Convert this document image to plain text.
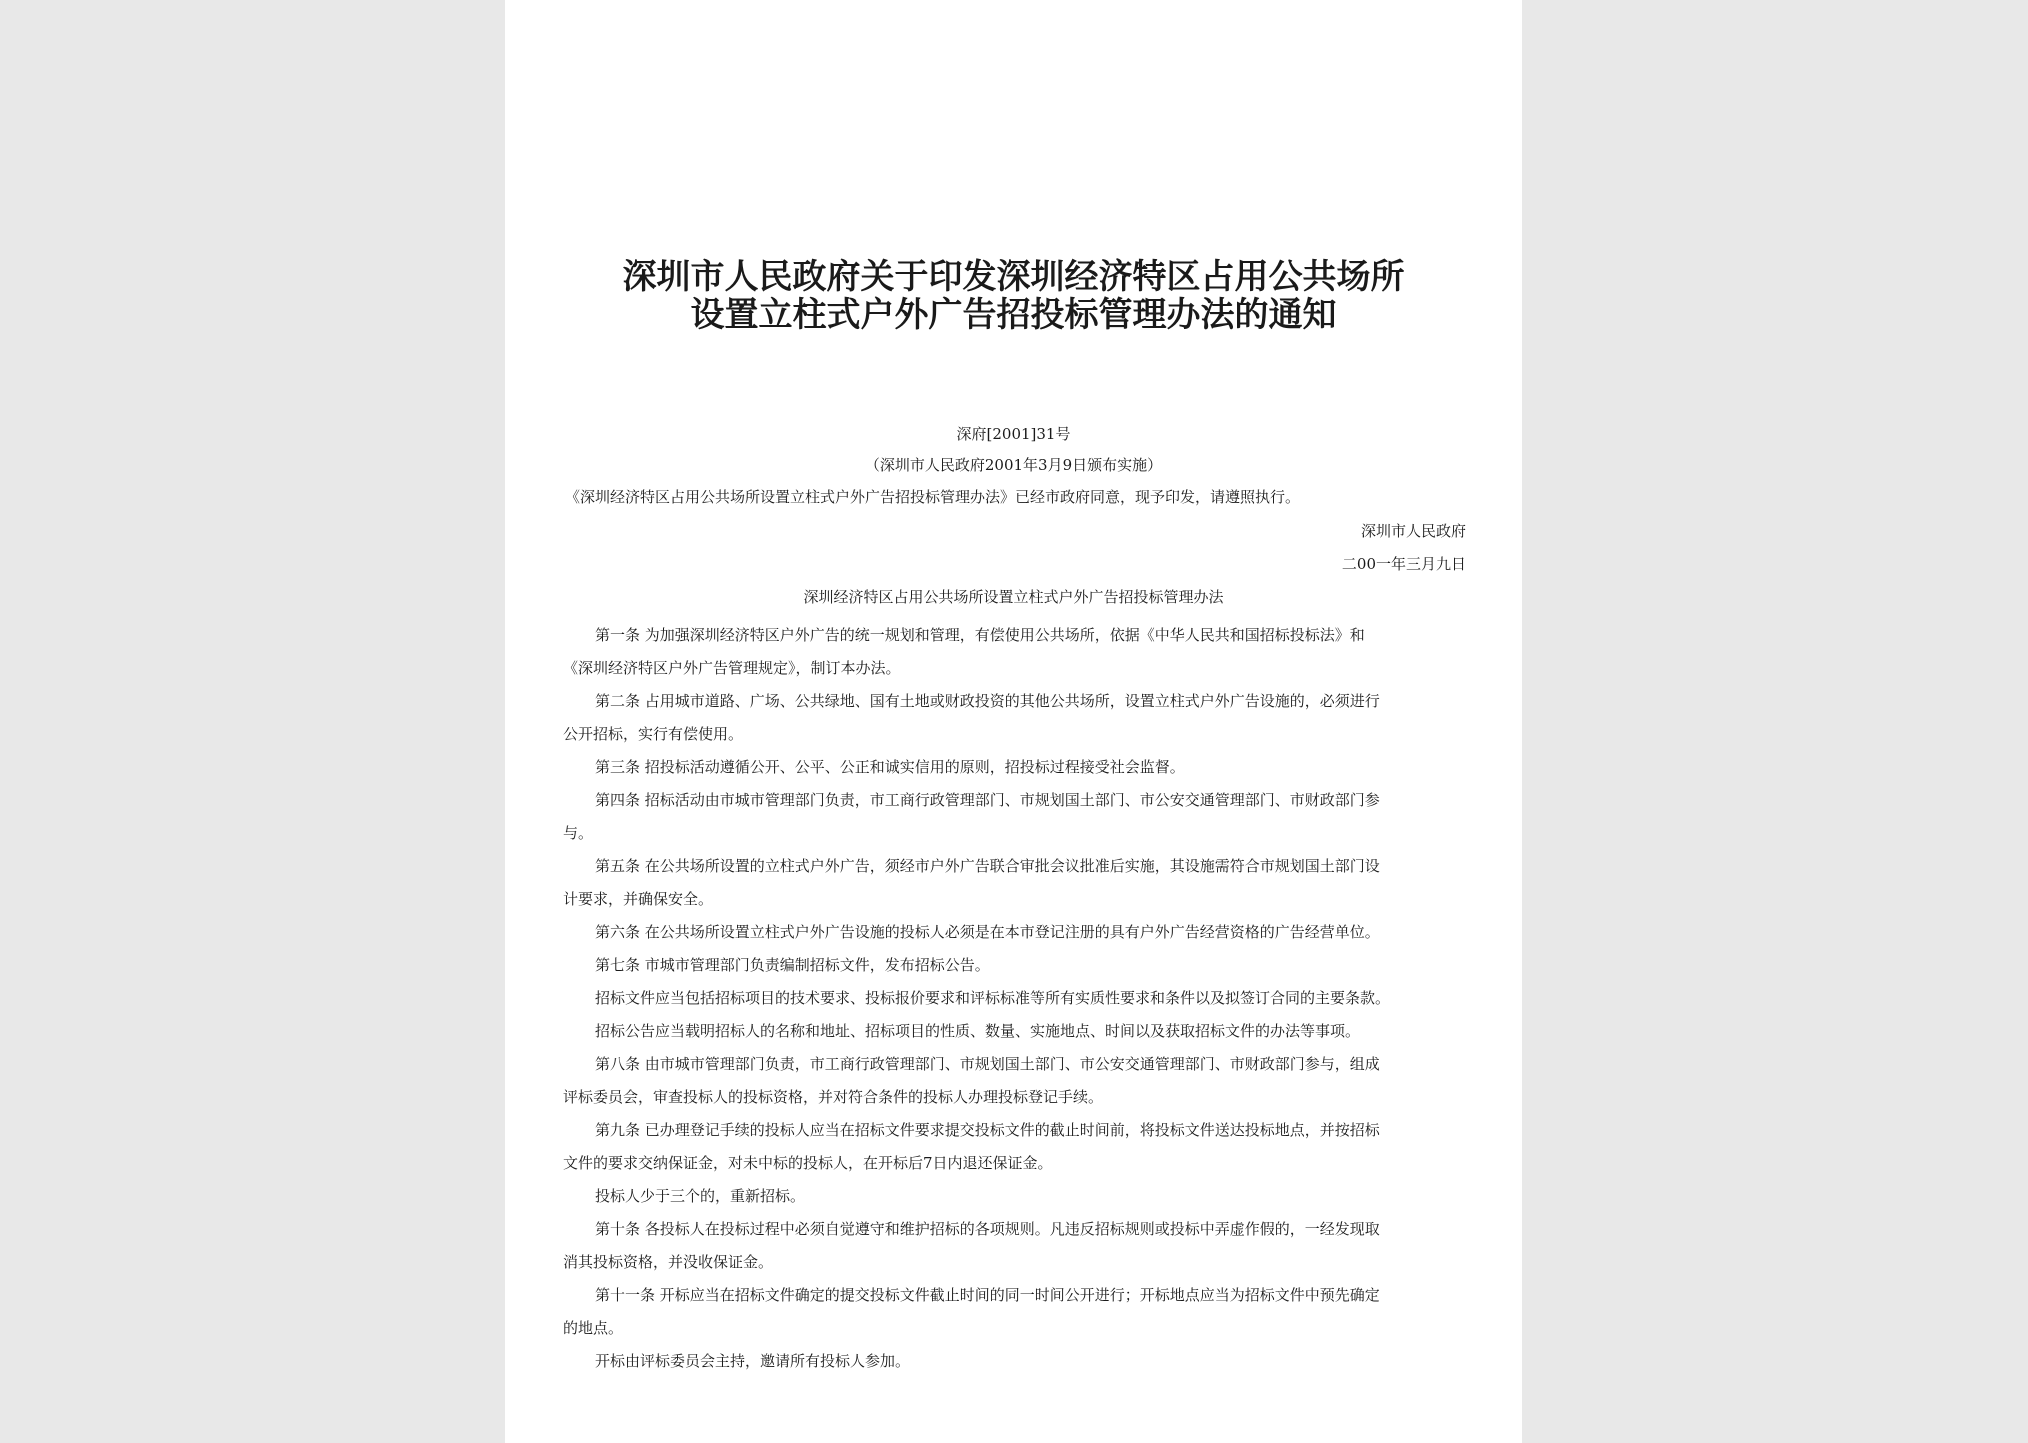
深圳市人民政府关于印发深圳经济特区占用公共场所
设置立柱式户外广告招投标管理办法的通知
深府[2001]31号
（深圳市人民政府2001年3月9日颁布实施）
《深圳经济特区占用公共场所设置立柱式户外广告招投标管理办法》已经市政府同意，现予印发，请遵照执行。
深圳市人民政府
二00一年三月九日
深圳经济特区占用公共场所设置立柱式户外广告招投标管理办法
第一条 为加强深圳经济特区户外广告的统一规划和管理，有偿使用公共场所，依据《中华人民共和国招标投标法》和
《深圳经济特区户外广告管理规定》，制订本办法。
第二条 占用城市道路、广场、公共绿地、国有土地或财政投资的其他公共场所，设置立柱式户外广告设施的，必须进行
公开招标，实行有偿使用。
第三条 招投标活动遵循公开、公平、公正和诚实信用的原则，招投标过程接受社会监督。
第四条 招标活动由市城市管理部门负责，市工商行政管理部门、市规划国土部门、市公安交通管理部门、市财政部门参
与。
第五条 在公共场所设置的立柱式户外广告，须经市户外广告联合审批会议批准后实施，其设施需符合市规划国土部门设
计要求，并确保安全。
第六条 在公共场所设置立柱式户外广告设施的投标人必须是在本市登记注册的具有户外广告经营资格的广告经营单位。
第七条 市城市管理部门负责编制招标文件，发布招标公告。
招标文件应当包括招标项目的技术要求、投标报价要求和评标标准等所有实质性要求和条件以及拟签订合同的主要条款。
招标公告应当载明招标人的名称和地址、招标项目的性质、数量、实施地点、时间以及获取招标文件的办法等事项。
第八条 由市城市管理部门负责，市工商行政管理部门、市规划国土部门、市公安交通管理部门、市财政部门参与，组成
评标委员会，审查投标人的投标资格，并对符合条件的投标人办理投标登记手续。
第九条 已办理登记手续的投标人应当在招标文件要求提交投标文件的截止时间前，将投标文件送达投标地点，并按招标
文件的要求交纳保证金，对未中标的投标人，在开标后7日内退还保证金。
投标人少于三个的，重新招标。
第十条 各投标人在投标过程中必须自觉遵守和维护招标的各项规则。凡违反招标规则或投标中弄虚作假的，一经发现取
消其投标资格，并没收保证金。
第十一条 开标应当在招标文件确定的提交投标文件截止时间的同一时间公开进行；开标地点应当为招标文件中预先确定
的地点。
开标由评标委员会主持，邀请所有投标人参加。
